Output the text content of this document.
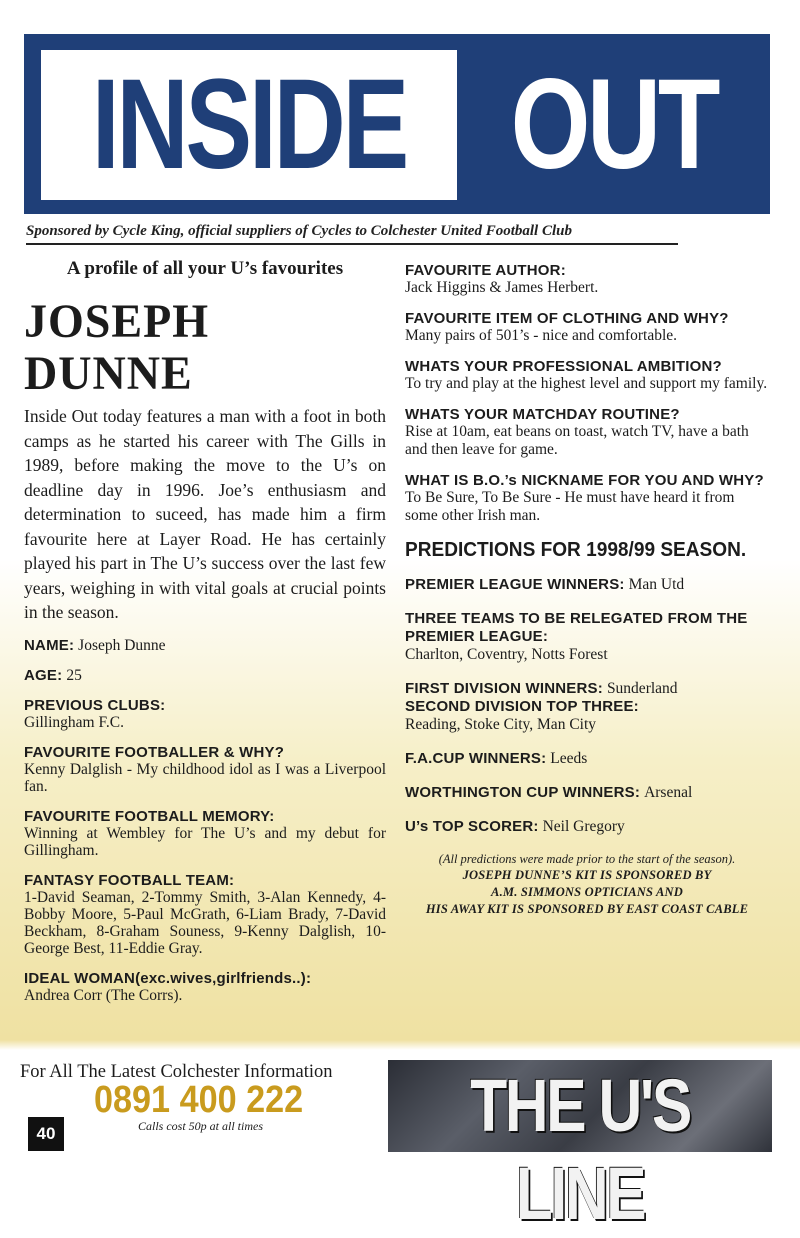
INSIDE OUT
Sponsored by Cycle King, official suppliers of Cycles to Colchester United Football Club
A profile of all your U’s favourites
JOSEPH DUNNE
Inside Out today features a man with a foot in both camps as he started his career with The Gills in 1989, before making the move to the U’s on deadline day in 1996. Joe’s enthusiasm and determination to suceed, has made him a firm favourite here at Layer Road. He has certainly played his part in The U’s success over the last few years, weighing in with vital goals at crucial points in the season.
NAME: Joseph Dunne
AGE: 25
PREVIOUS CLUBS:
Gillingham F.C.
FAVOURITE FOOTBALLER & WHY?
Kenny Dalglish - My childhood idol as I was a Liverpool fan.
FAVOURITE FOOTBALL MEMORY:
Winning at Wembley for The U’s and my debut for Gillingham.
FANTASY FOOTBALL TEAM:
1-David Seaman, 2-Tommy Smith, 3-Alan Kennedy, 4-Bobby Moore, 5-Paul McGrath, 6-Liam Brady, 7-David Beckham, 8-Graham Souness, 9-Kenny Dalglish, 10-George Best, 11-Eddie Gray.
IDEAL WOMAN(exc.wives,girlfriends..):
Andrea Corr (The Corrs).
FAVOURITE AUTHOR:
Jack Higgins & James Herbert.
FAVOURITE ITEM OF CLOTHING AND WHY?
Many pairs of 501’s - nice and comfortable.
WHATS YOUR PROFESSIONAL AMBITION?
To try and play at the highest level and support my family.
WHATS YOUR MATCHDAY ROUTINE?
Rise at 10am, eat beans on toast, watch TV, have a bath and then leave for game.
WHAT IS B.O.’s NICKNAME FOR YOU AND WHY?
To Be Sure, To Be Sure - He must have heard it from some other Irish man.
PREDICTIONS FOR 1998/99 SEASON.
PREMIER LEAGUE WINNERS: Man Utd
THREE TEAMS TO BE RELEGATED FROM THE PREMIER LEAGUE:
Charlton, Coventry, Notts Forest
FIRST DIVISION WINNERS: Sunderland
SECOND DIVISION TOP THREE:
Reading, Stoke City, Man City
F.A.CUP WINNERS: Leeds
WORTHINGTON CUP WINNERS: Arsenal
U’s TOP SCORER: Neil Gregory
(All predictions were made prior to the start of the season).
JOSEPH DUNNE’S KIT IS SPONSORED BY
A.M. SIMMONS OPTICIANS AND
HIS AWAY KIT IS SPONSORED BY EAST COAST CABLE
For All The Latest Colchester Information
0891 400 222
Calls cost 50p at all times
40	THE U'S LINE
